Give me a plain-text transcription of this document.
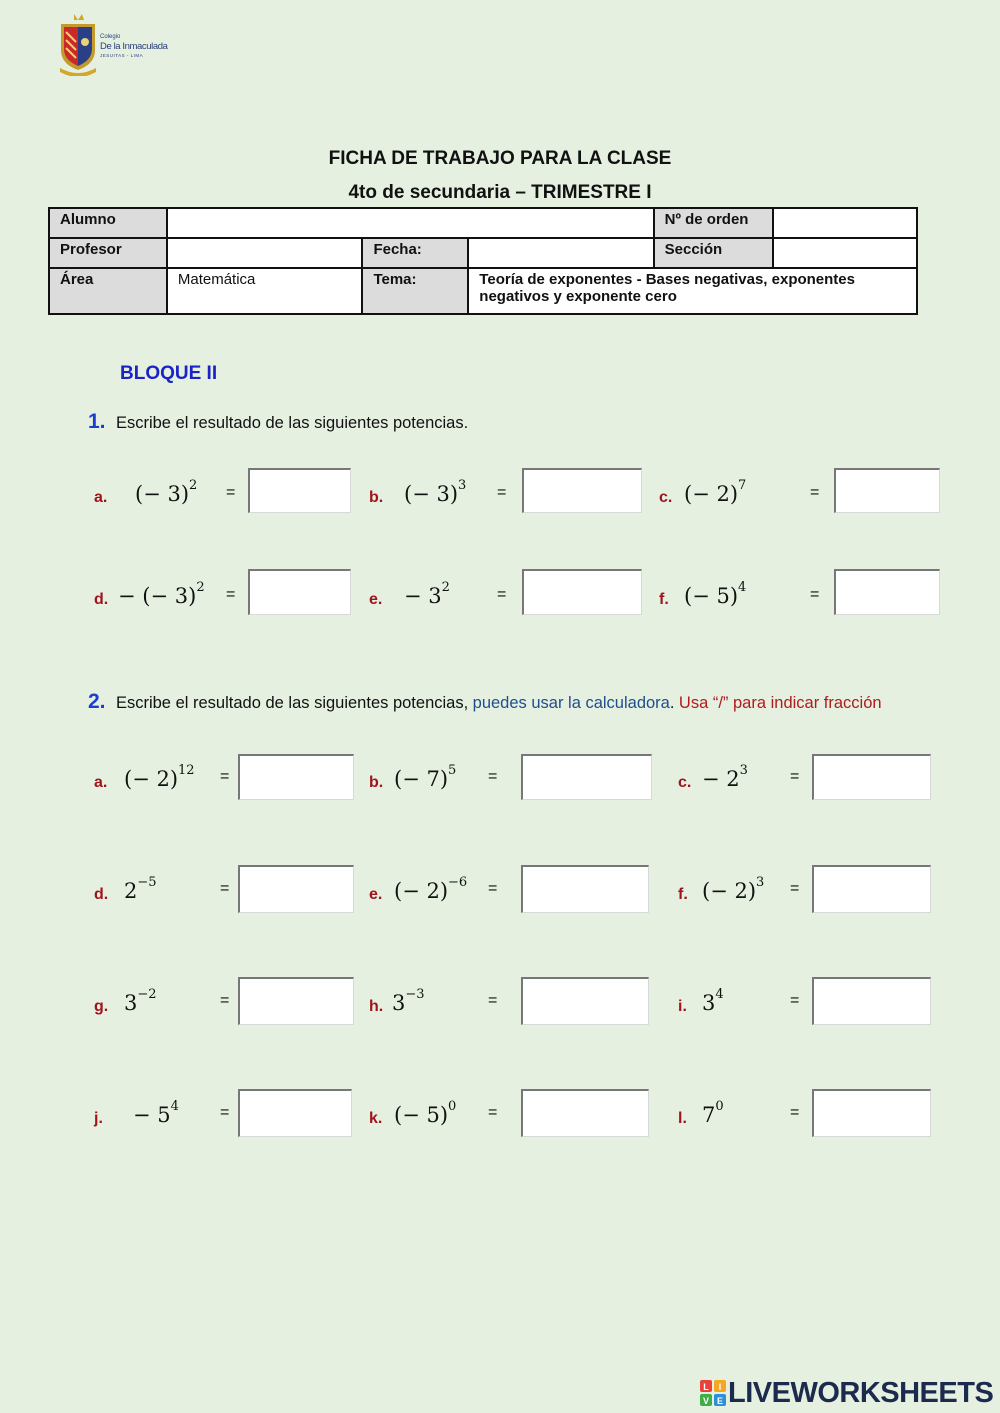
Colegio
De la Inmaculada
JESUITAS - LIMA
FICHA DE TRABAJO PARA LA CLASE
4to de secundaria – TRIMESTRE I
Alumno				Nº de orden	
Profesor		Fecha:		Sección	
Área	Matemática	Tema:	Teoría de exponentes - Bases negativas, exponentes negativos y exponente cero		
BLOQUE II
1. Escribe el resultado de las siguientes potencias.
a. (− 3)$^2$ =	b. (− 3)$^3$ =	c. (− 2)$^7$	=
d. − (− 3)$^2$ =	e. − $3^2$	=	f. (− 5)$^4$	=
2. Escribe el resultado de las siguientes potencias, puedes usar la calculadora. Usa “/” para indicar fracción
a. (− 2)$^{12}$ =	b. (− 7)$^5$ =	c. − $2^3$	=
d. $2^{-5}$	=	e. (− 2)$^{-6}$ =	f. (− 2)$^3$ =
g. $3^{-2}$	=	h. $3^{-3}$	=	i. $3^4$	=
j. − $5^4$	=	k. (− 5)$^0$ =	l. $7^0$	=
L I
V E LIVEWORKSHEETS
